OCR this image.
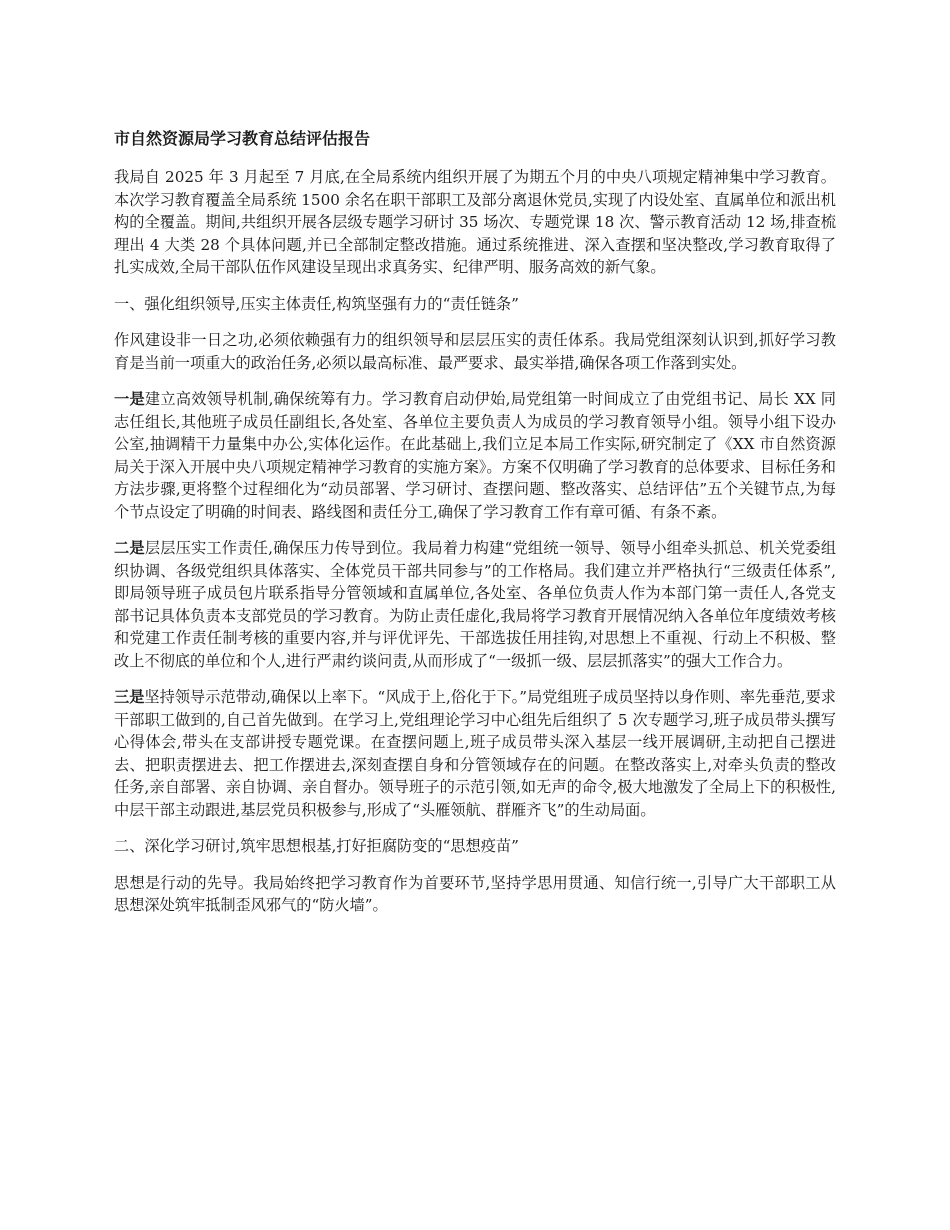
市自然资源局学习教育总结评估报告

我局自 2025 年 3 月起至 7 月底,在全局系统内组织开展了为期五个月的中央八项规定精神集中学习教育。本次学习教育覆盖全局系统 1500 余名在职干部职工及部分离退休党员,实现了内设处室、直属单位和派出机构的全覆盖。期间,共组织开展各层级专题学习研讨 35 场次、专题党课 18 次、警示教育活动 12 场,排查梳理出 4 大类 28 个具体问题,并已全部制定整改措施。通过系统推进、深入查摆和坚决整改,学习教育取得了扎实成效,全局干部队伍作风建设呈现出求真务实、纪律严明、服务高效的新气象。

一、强化组织领导,压实主体责任,构筑坚强有力的“责任链条”

作风建设非一日之功,必须依赖强有力的组织领导和层层压实的责任体系。我局党组深刻认识到,抓好学习教育是当前一项重大的政治任务,必须以最高标准、最严要求、最实举措,确保各项工作落到实处。

一是建立高效领导机制,确保统筹有力。学习教育启动伊始,局党组第一时间成立了由党组书记、局长 XX 同志任组长,其他班子成员任副组长,各处室、各单位主要负责人为成员的学习教育领导小组。领导小组下设办公室,抽调精干力量集中办公,实体化运作。在此基础上,我们立足本局工作实际,研究制定了《XX 市自然资源局关于深入开展中央八项规定精神学习教育的实施方案》。方案不仅明确了学习教育的总体要求、目标任务和方法步骤,更将整个过程细化为“动员部署、学习研讨、查摆问题、整改落实、总结评估”五个关键节点,为每个节点设定了明确的时间表、路线图和责任分工,确保了学习教育工作有章可循、有条不紊。

二是层层压实工作责任,确保压力传导到位。我局着力构建“党组统一领导、领导小组牵头抓总、机关党委组织协调、各级党组织具体落实、全体党员干部共同参与”的工作格局。我们建立并严格执行“三级责任体系”,即局领导班子成员包片联系指导分管领域和直属单位,各处室、各单位负责人作为本部门第一责任人,各党支部书记具体负责本支部党员的学习教育。为防止责任虚化,我局将学习教育开展情况纳入各单位年度绩效考核和党建工作责任制考核的重要内容,并与评优评先、干部选拔任用挂钩,对思想上不重视、行动上不积极、整改上不彻底的单位和个人,进行严肃约谈问责,从而形成了“一级抓一级、层层抓落实”的强大工作合力。

三是坚持领导示范带动,确保以上率下。“风成于上,俗化于下。”局党组班子成员坚持以身作则、率先垂范,要求干部职工做到的,自己首先做到。在学习上,党组理论学习中心组先后组织了 5 次专题学习,班子成员带头撰写心得体会,带头在支部讲授专题党课。在查摆问题上,班子成员带头深入基层一线开展调研,主动把自己摆进去、把职责摆进去、把工作摆进去,深刻查摆自身和分管领域存在的问题。在整改落实上,对牵头负责的整改任务,亲自部署、亲自协调、亲自督办。领导班子的示范引领,如无声的命令,极大地激发了全局上下的积极性,中层干部主动跟进,基层党员积极参与,形成了“头雁领航、群雁齐飞”的生动局面。

二、深化学习研讨,筑牢思想根基,打好拒腐防变的“思想疫苗”

思想是行动的先导。我局始终把学习教育作为首要环节,坚持学思用贯通、知信行统一,引导广大干部职工从思想深处筑牢抵制歪风邪气的“防火墙”。
